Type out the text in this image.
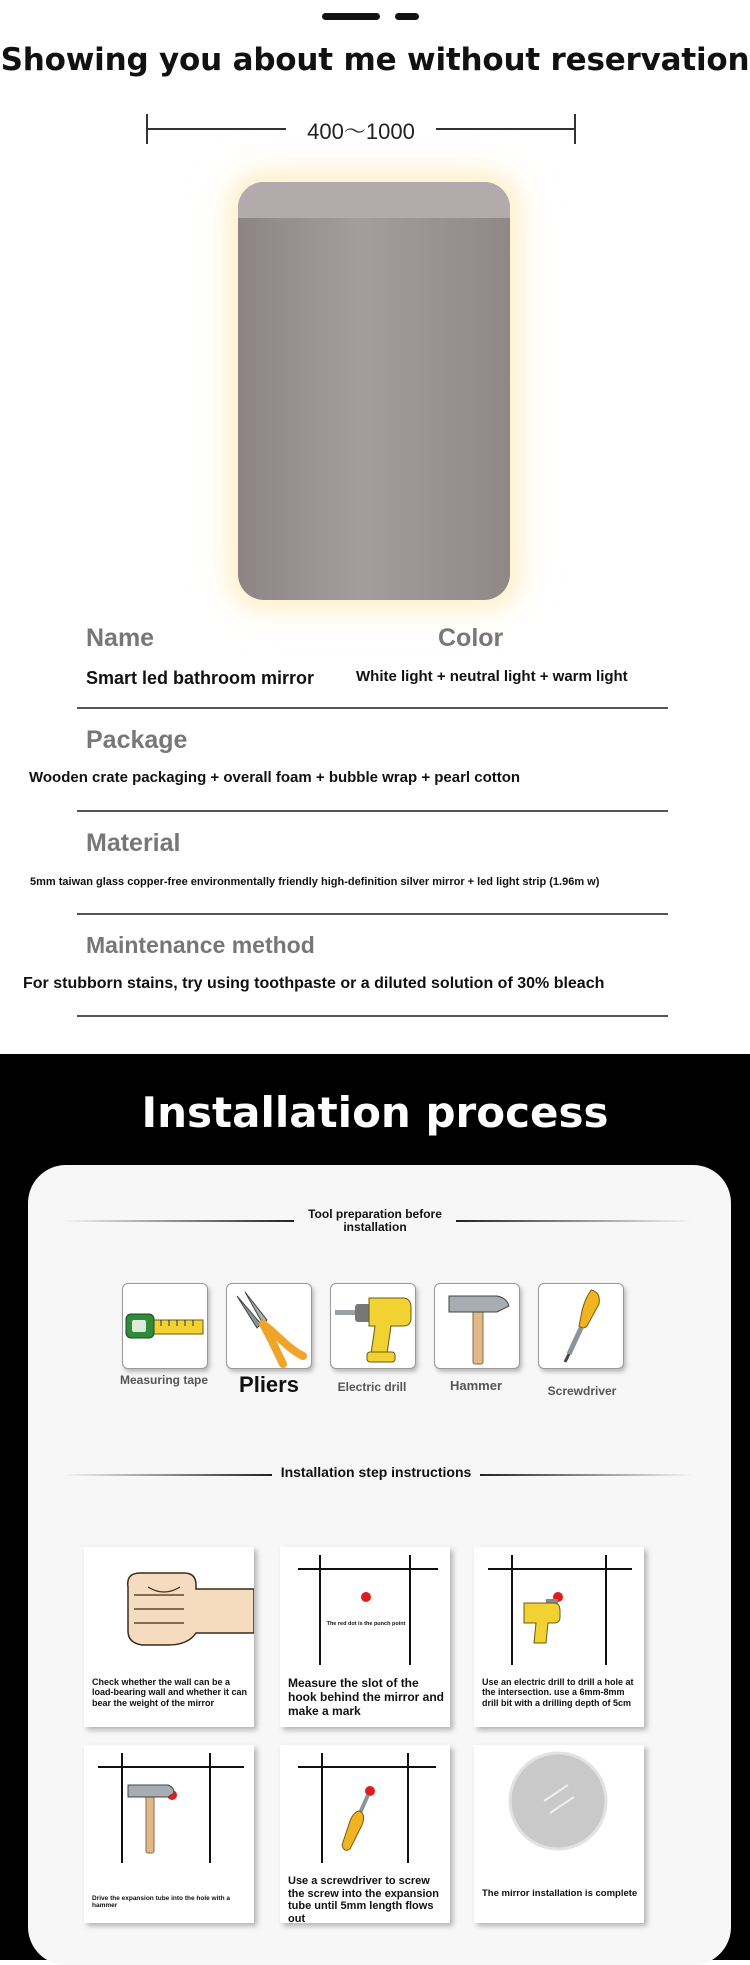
Showing you about me without reservation
400〜1000
Name	Color
Smart led bathroom mirror	White light + neutral light + warm light
Package
Wooden crate packaging + overall foam + bubble wrap + pearl cotton
Material
5mm taiwan glass copper-free environmentally friendly high-definition silver mirror + led light strip (1.96m w)
Maintenance method
For stubborn stains, try using toothpaste or a diluted solution of 30% bleach
Installation process
Tool preparation before
installation
Measuring tape	Pliers	Electric drill	Hammer	Screwdriver
Installation step instructions
Check whether the wall can be a load-bearing wall and whether it can bear the weight of the mirror
The red dot is the punch point
Measure the slot of the hook behind the mirror and make a mark
Use an electric drill to drill a hole at the intersection. use a 6mm-8mm drill bit with a drilling depth of 5cm
Drive the expansion tube into the hole with a hammer
Use a screwdriver to screw the screw into the expansion tube until 5mm length flows out
The mirror installation is complete
